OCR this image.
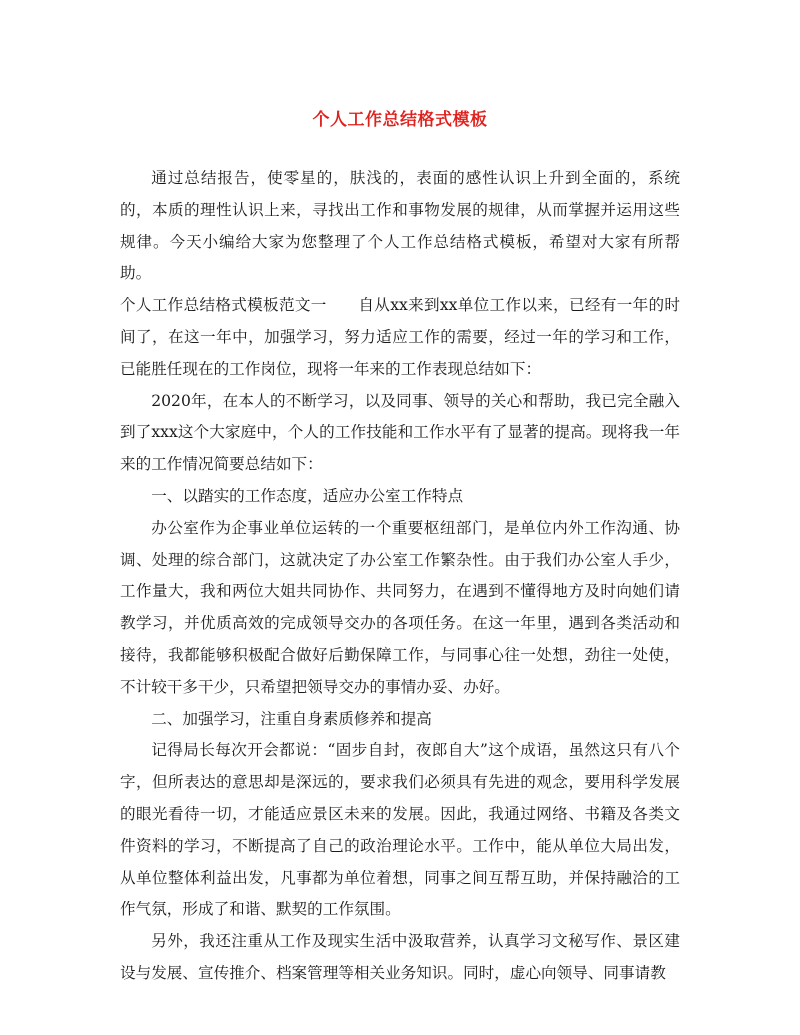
个人工作总结格式模板

通过总结报告，使零星的，肤浅的，表面的感性认识上升到全面的，系统的，本质的理性认识上来，寻找出工作和事物发展的规律，从而掌握并运用这些规律。今天小编给大家为您整理了个人工作总结格式模板，希望对大家有所帮助。

个人工作总结格式模板范文一　　自从xx来到xx单位工作以来，已经有一年的时间了，在这一年中，加强学习，努力适应工作的需要，经过一年的学习和工作，已能胜任现在的工作岗位，现将一年来的工作表现总结如下：

2020年，在本人的不断学习，以及同事、领导的关心和帮助，我已完全融入到了xxx这个大家庭中，个人的工作技能和工作水平有了显著的提高。现将我一年来的工作情况简要总结如下：

一、以踏实的工作态度，适应办公室工作特点

办公室作为企事业单位运转的一个重要枢纽部门，是单位内外工作沟通、协调、处理的综合部门，这就决定了办公室工作繁杂性。由于我们办公室人手少，工作量大，我和两位大姐共同协作、共同努力，在遇到不懂得地方及时向她们请教学习，并优质高效的完成领导交办的各项任务。在这一年里，遇到各类活动和接待，我都能够积极配合做好后勤保障工作，与同事心往一处想，劲往一处使，不计较干多干少，只希望把领导交办的事情办妥、办好。

二、加强学习，注重自身素质修养和提高

记得局长每次开会都说：“固步自封，夜郎自大”这个成语，虽然这只有八个字，但所表达的意思却是深远的，要求我们必须具有先进的观念，要用科学发展的眼光看待一切，才能适应景区未来的发展。因此，我通过网络、书籍及各类文件资料的学习，不断提高了自己的政治理论水平。工作中，能从单位大局出发，从单位整体利益出发，凡事都为单位着想，同事之间互帮互助，并保持融洽的工作气氛，形成了和谐、默契的工作氛围。

另外，我还注重从工作及现实生活中汲取营养，认真学习文秘写作、景区建设与发展、宣传推介、档案管理等相关业务知识。同时，虚心向领导、同事请教
